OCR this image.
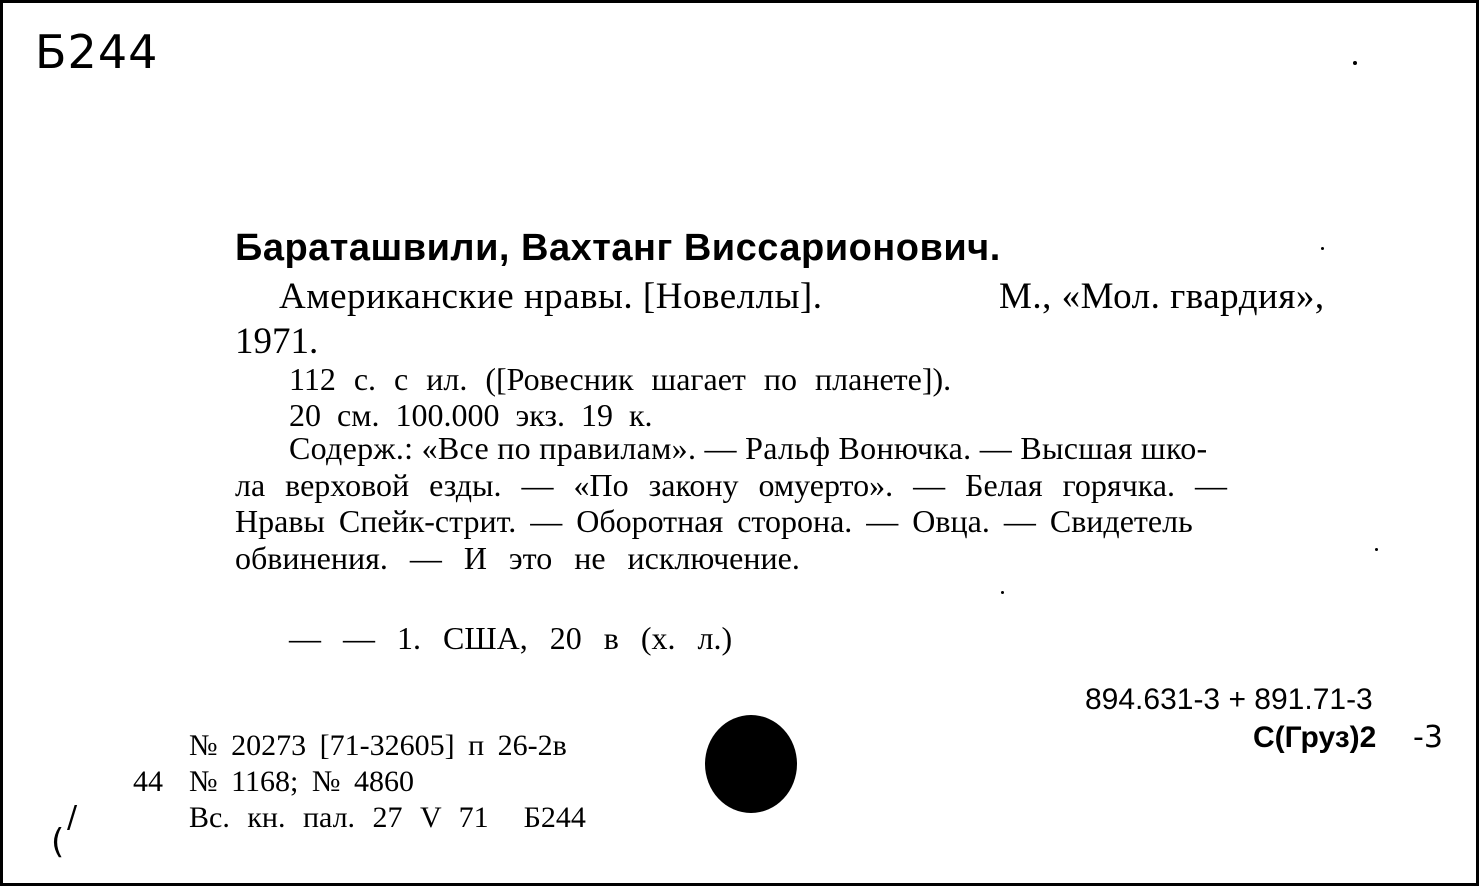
Б244
Бараташвили, Вахтанг Виссарионович.
Американские нравы. [Новеллы].	М., «Мол. гвардия»,
1971.
112 с. с ил. ([Ровесник шагает по планете]).
20 см. 100.000 экз. 19 к.
Содерж.: «Все по правилам». — Ральф Вонючка. — Высшая шко-
ла верховой езды. — «По закону омуерто». — Белая горячка. —
Нравы Спейк-стрит. — Оборотная сторона. — Овца. — Свидетель
обвинения. — И это не исключение.
— — 1. США, 20 в (х. л.)
894.631-3 + 891.71-3
С(Груз)2 -3
№ 20273 [71-32605] п 26-2в
44 № 1168; № 4860
Вс. кн. пал. 27 V 71  Б244
/
(
